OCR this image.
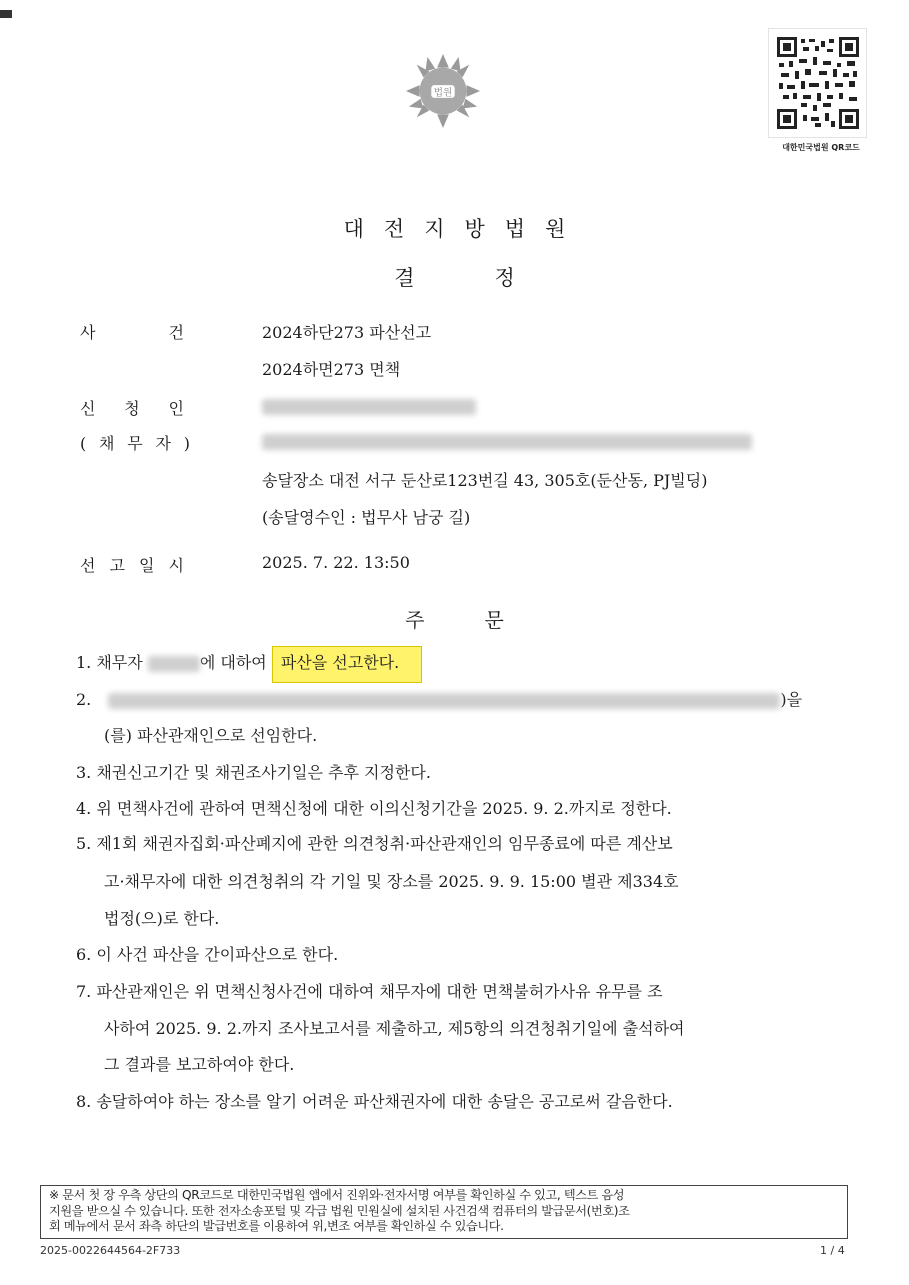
법원
대한민국법원 QR코드
대전지방법원
결정
사 건	2024하단273 파산선고
2024하면273 면책
신 청 인
( 채 무 자 )
송달장소 대전 서구 둔산로123번길 43, 305호(둔산동, PJ빌딩)
(송달영수인 : 법무사 남궁 길)
선 고 일 시	2025. 7. 22. 13:50
주문
1. 채무자	에 대하여 파산을 선고한다.
2.	)을
(를) 파산관재인으로 선임한다.
3. 채권신고기간 및 채권조사기일은 추후 지정한다.
4. 위 면책사건에 관하여 면책신청에 대한 이의신청기간을 2025. 9. 2.까지로 정한다.
5. 제1회 채권자집회·파산폐지에 관한 의견청취·파산관재인의 임무종료에 따른 계산보
고·채무자에 대한 의견청취의 각 기일 및 장소를 2025. 9. 9. 15:00 별관 제334호
법정(으)로 한다.
6. 이 사건 파산을 간이파산으로 한다.
7. 파산관재인은 위 면책신청사건에 대하여 채무자에 대한 면책불허가사유 유무를 조
사하여 2025. 9. 2.까지 조사보고서를 제출하고, 제5항의 의견청취기일에 출석하여
그 결과를 보고하여야 한다.
8. 송달하여야 하는 장소를 알기 어려운 파산채권자에 대한 송달은 공고로써 갈음한다.
※ 문서 첫 장 우측 상단의 QR코드로 대한민국법원 앱에서 진위와·전자서명 여부를 확인하실 수 있고, 텍스트 음성
지원을 받으실 수 있습니다. 또한 전자소송포털 및 각급 법원 민원실에 설치된 사건검색 컴퓨터의 발급문서(번호)조
회 메뉴에서 문서 좌측 하단의 발급번호를 이용하여 위,변조 여부를 확인하실 수 있습니다.
2025-0022644564-2F733	1 / 4
